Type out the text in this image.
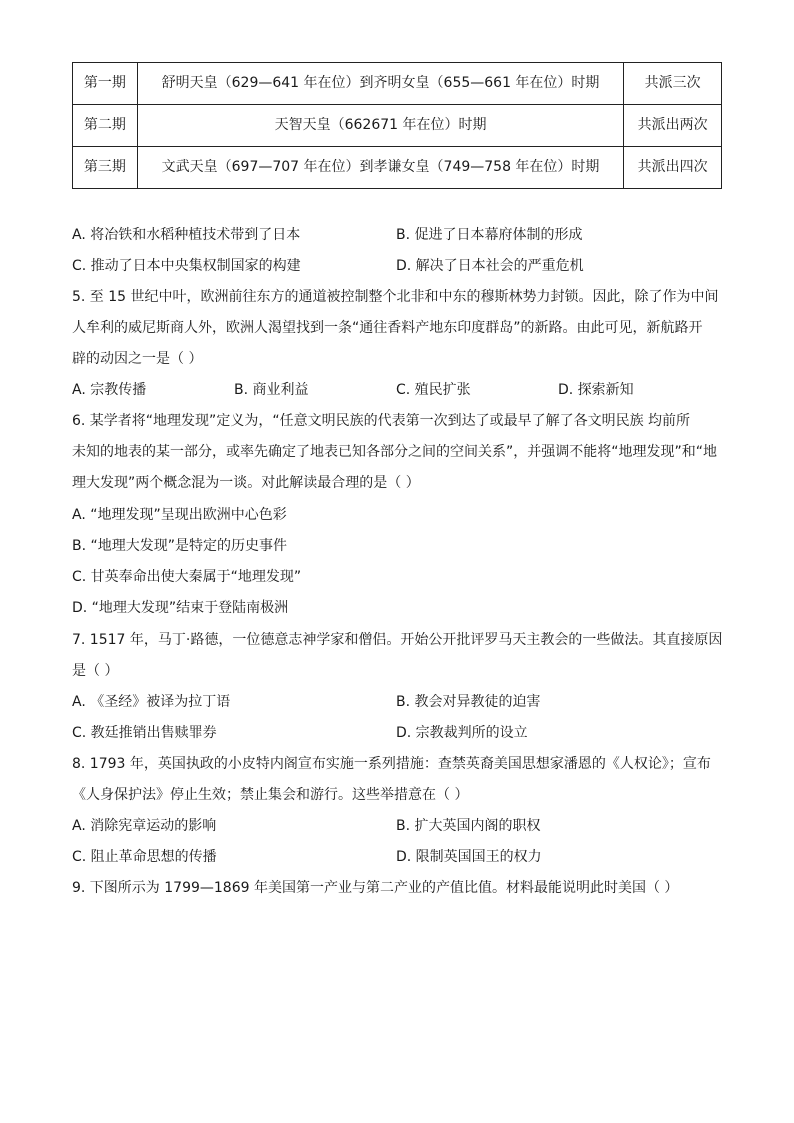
第一期	舒明天皇（629—641 年在位）到齐明女皇（655—661 年在位）时期	共派三次
第二期	天智天皇（662671 年在位）时期	共派出两次
第三期	文武天皇（697—707 年在位）到孝谦女皇（749—758 年在位）时期	共派出四次
A. 将冶铁和水稻种植技术带到了日本	B. 促进了日本幕府体制的形成
C. 推动了日本中央集权制国家的构建	D. 解决了日本社会的严重危机

5. 至 15 世纪中叶，欧洲前往东方的通道被控制整个北非和中东的穆斯林势力封锁。因此，除了作为中间

人牟利的威尼斯商人外，欧洲人渴望找到一条“通往香料产地东印度群岛”的新路。由此可见，新航路开

辟的动因之一是（ ）

A. 宗教传播	B. 商业利益	C. 殖民扩张	D. 探索新知

6. 某学者将“地理发现”定义为，“任意文明民族的代表第一次到达了或最早了解了各文明民族 均前所

未知的地表的某一部分，或率先确定了地表已知各部分之间的空间关系”，并强调不能将“地理发现”和“地

理大发现”两个概念混为一谈。对此解读最合理的是（ ）

A. “地理发现”呈现出欧洲中心色彩
B. “地理大发现”是特定的历史事件
C. 甘英奉命出使大秦属于“地理发现”
D. “地理大发现”结束于登陆南极洲

7. 1517 年，马丁·路德，一位德意志神学家和僧侣。开始公开批评罗马天主教会的一些做法。其直接原因

是（ ）

A. 《圣经》被译为拉丁语	B. 教会对异教徒的迫害
C. 教廷推销出售赎罪券	D. 宗教裁判所的设立

8. 1793 年，英国执政的小皮特内阁宣布实施一系列措施：查禁英裔美国思想家潘恩的《人权论》；宣布

《人身保护法》停止生效；禁止集会和游行。这些举措意在（ ）

A. 消除宪章运动的影响	B. 扩大英国内阁的职权
C. 阻止革命思想的传播	D. 限制英国国王的权力

9. 下图所示为 1799—1869 年美国第一产业与第二产业的产值比值。材料最能说明此时美国（ ）
